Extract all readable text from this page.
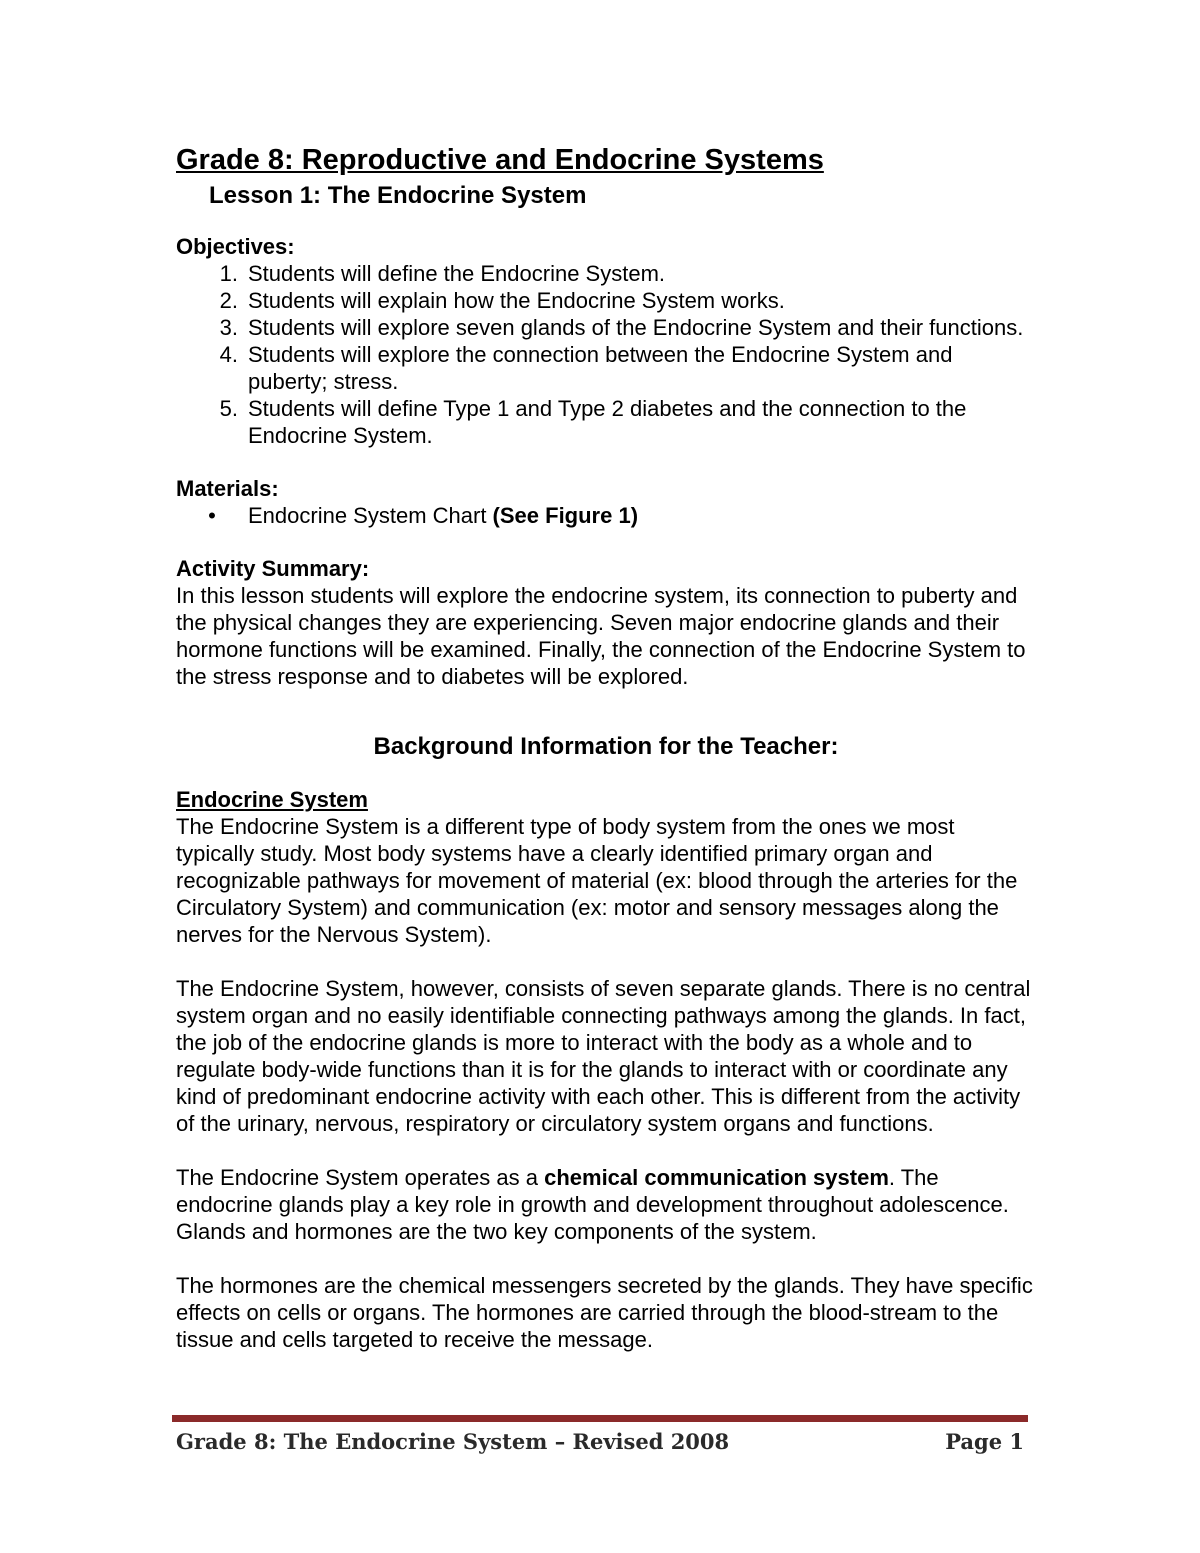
Grade 8: Reproductive and Endocrine Systems
Lesson 1: The Endocrine System

Objectives:

1. Students will define the Endocrine System.
2. Students will explain how the Endocrine System works.
3. Students will explore seven glands of the Endocrine System and their functions.
4. Students will explore the connection between the Endocrine System and puberty; stress.
5. Students will define Type 1 and Type 2 diabetes and the connection to the Endocrine System.

Materials:

•	Endocrine System Chart (See Figure 1)

Activity Summary:

In this lesson students will explore the endocrine system, its connection to puberty and the physical changes they are experiencing. Seven major endocrine glands and their hormone functions will be examined. Finally, the connection of the Endocrine System to the stress response and to diabetes will be explored.

Background Information for the Teacher:

Endocrine System

The Endocrine System is a different type of body system from the ones we most typically study. Most body systems have a clearly identified primary organ and recognizable pathways for movement of material (ex: blood through the arteries for the Circulatory System) and communication (ex: motor and sensory messages along the nerves for the Nervous System).

The Endocrine System, however, consists of seven separate glands. There is no central system organ and no easily identifiable connecting pathways among the glands. In fact, the job of the endocrine glands is more to interact with the body as a whole and to regulate body-wide functions than it is for the glands to interact with or coordinate any kind of predominant endocrine activity with each other. This is different from the activity of the urinary, nervous, respiratory or circulatory system organs and functions.

The Endocrine System operates as a chemical communication system. The endocrine glands play a key role in growth and development throughout adolescence. Glands and hormones are the two key components of the system.

The hormones are the chemical messengers secreted by the glands. They have specific effects on cells or organs. The hormones are carried through the blood-stream to the tissue and cells targeted to receive the message.

Grade 8: The Endocrine System – Revised 2008	Page 1
